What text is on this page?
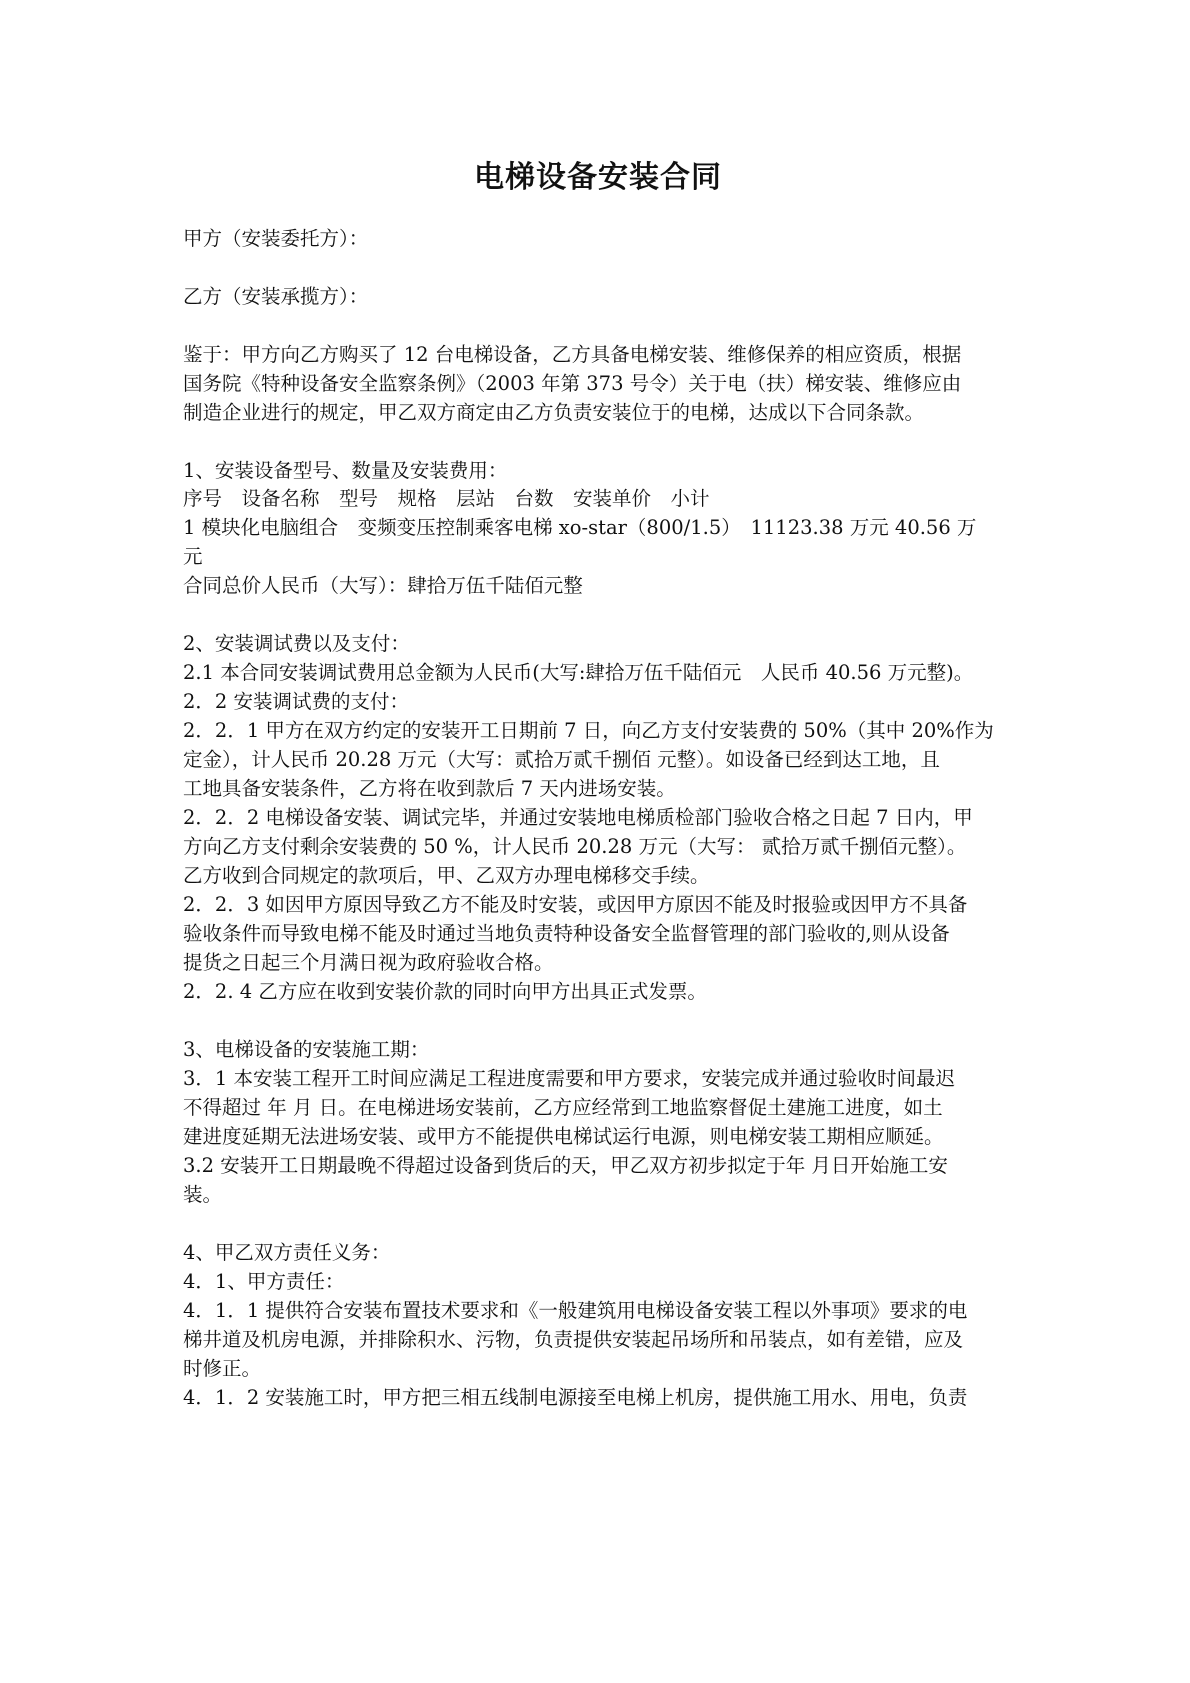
电梯设备安装合同
甲方（安装委托方）：
乙方（安装承揽方）：
鉴于：甲方向乙方购买了 12 台电梯设备，乙方具备电梯安装、维修保养的相应资质，根据
国务院《特种设备安全监察条例》（2003 年第 373 号令）关于电（扶）梯安装、维修应由
制造企业进行的规定，甲乙双方商定由乙方负责安装位于的电梯，达成以下合同条款。
1、安装设备型号、数量及安装费用：
序号　设备名称　型号　规格　层站　台数　安装单价　小计
1 模块化电脑组合　变频变压控制乘客电梯 xo-star（800/1.5）　11123.38 万元 40.56 万
元
合同总价人民币（大写）：肆拾万伍千陆佰元整
2、安装调试费以及支付：
2.1 本合同安装调试费用总金额为人民币(大写:肆拾万伍千陆佰元　人民币 40.56 万元整)。
2．2 安装调试费的支付：
2．2．1 甲方在双方约定的安装开工日期前 7 日，向乙方支付安装费的 50%（其中 20%作为
定金），计人民币 20.28 万元（大写：贰拾万贰千捌佰 元整）。如设备已经到达工地，且
工地具备安装条件，乙方将在收到款后 7 天内进场安装。
2．2．2 电梯设备安装、调试完毕，并通过安装地电梯质检部门验收合格之日起 7 日内，甲
方向乙方支付剩余安装费的 50 %，计人民币 20.28 万元（大写： 贰拾万贰千捌佰元整）。
乙方收到合同规定的款项后，甲、乙双方办理电梯移交手续。
2．2．3 如因甲方原因导致乙方不能及时安装，或因甲方原因不能及时报验或因甲方不具备
验收条件而导致电梯不能及时通过当地负责特种设备安全监督管理的部门验收的,则从设备
提货之日起三个月满日视为政府验收合格。
2．2. 4 乙方应在收到安装价款的同时向甲方出具正式发票。
3、电梯设备的安装施工期：
3．1 本安装工程开工时间应满足工程进度需要和甲方要求，安装完成并通过验收时间最迟
不得超过 年 月 日。在电梯进场安装前，乙方应经常到工地监察督促土建施工进度，如土
建进度延期无法进场安装、或甲方不能提供电梯试运行电源，则电梯安装工期相应顺延。
3.2 安装开工日期最晚不得超过设备到货后的天，甲乙双方初步拟定于年 月日开始施工安
装。
4、甲乙双方责任义务：
4．1、甲方责任：
4．1．1 提供符合安装布置技术要求和《一般建筑用电梯设备安装工程以外事项》要求的电
梯井道及机房电源，并排除积水、污物，负责提供安装起吊场所和吊装点，如有差错，应及
时修正。
4．1．2 安装施工时，甲方把三相五线制电源接至电梯上机房，提供施工用水、用电，负责
